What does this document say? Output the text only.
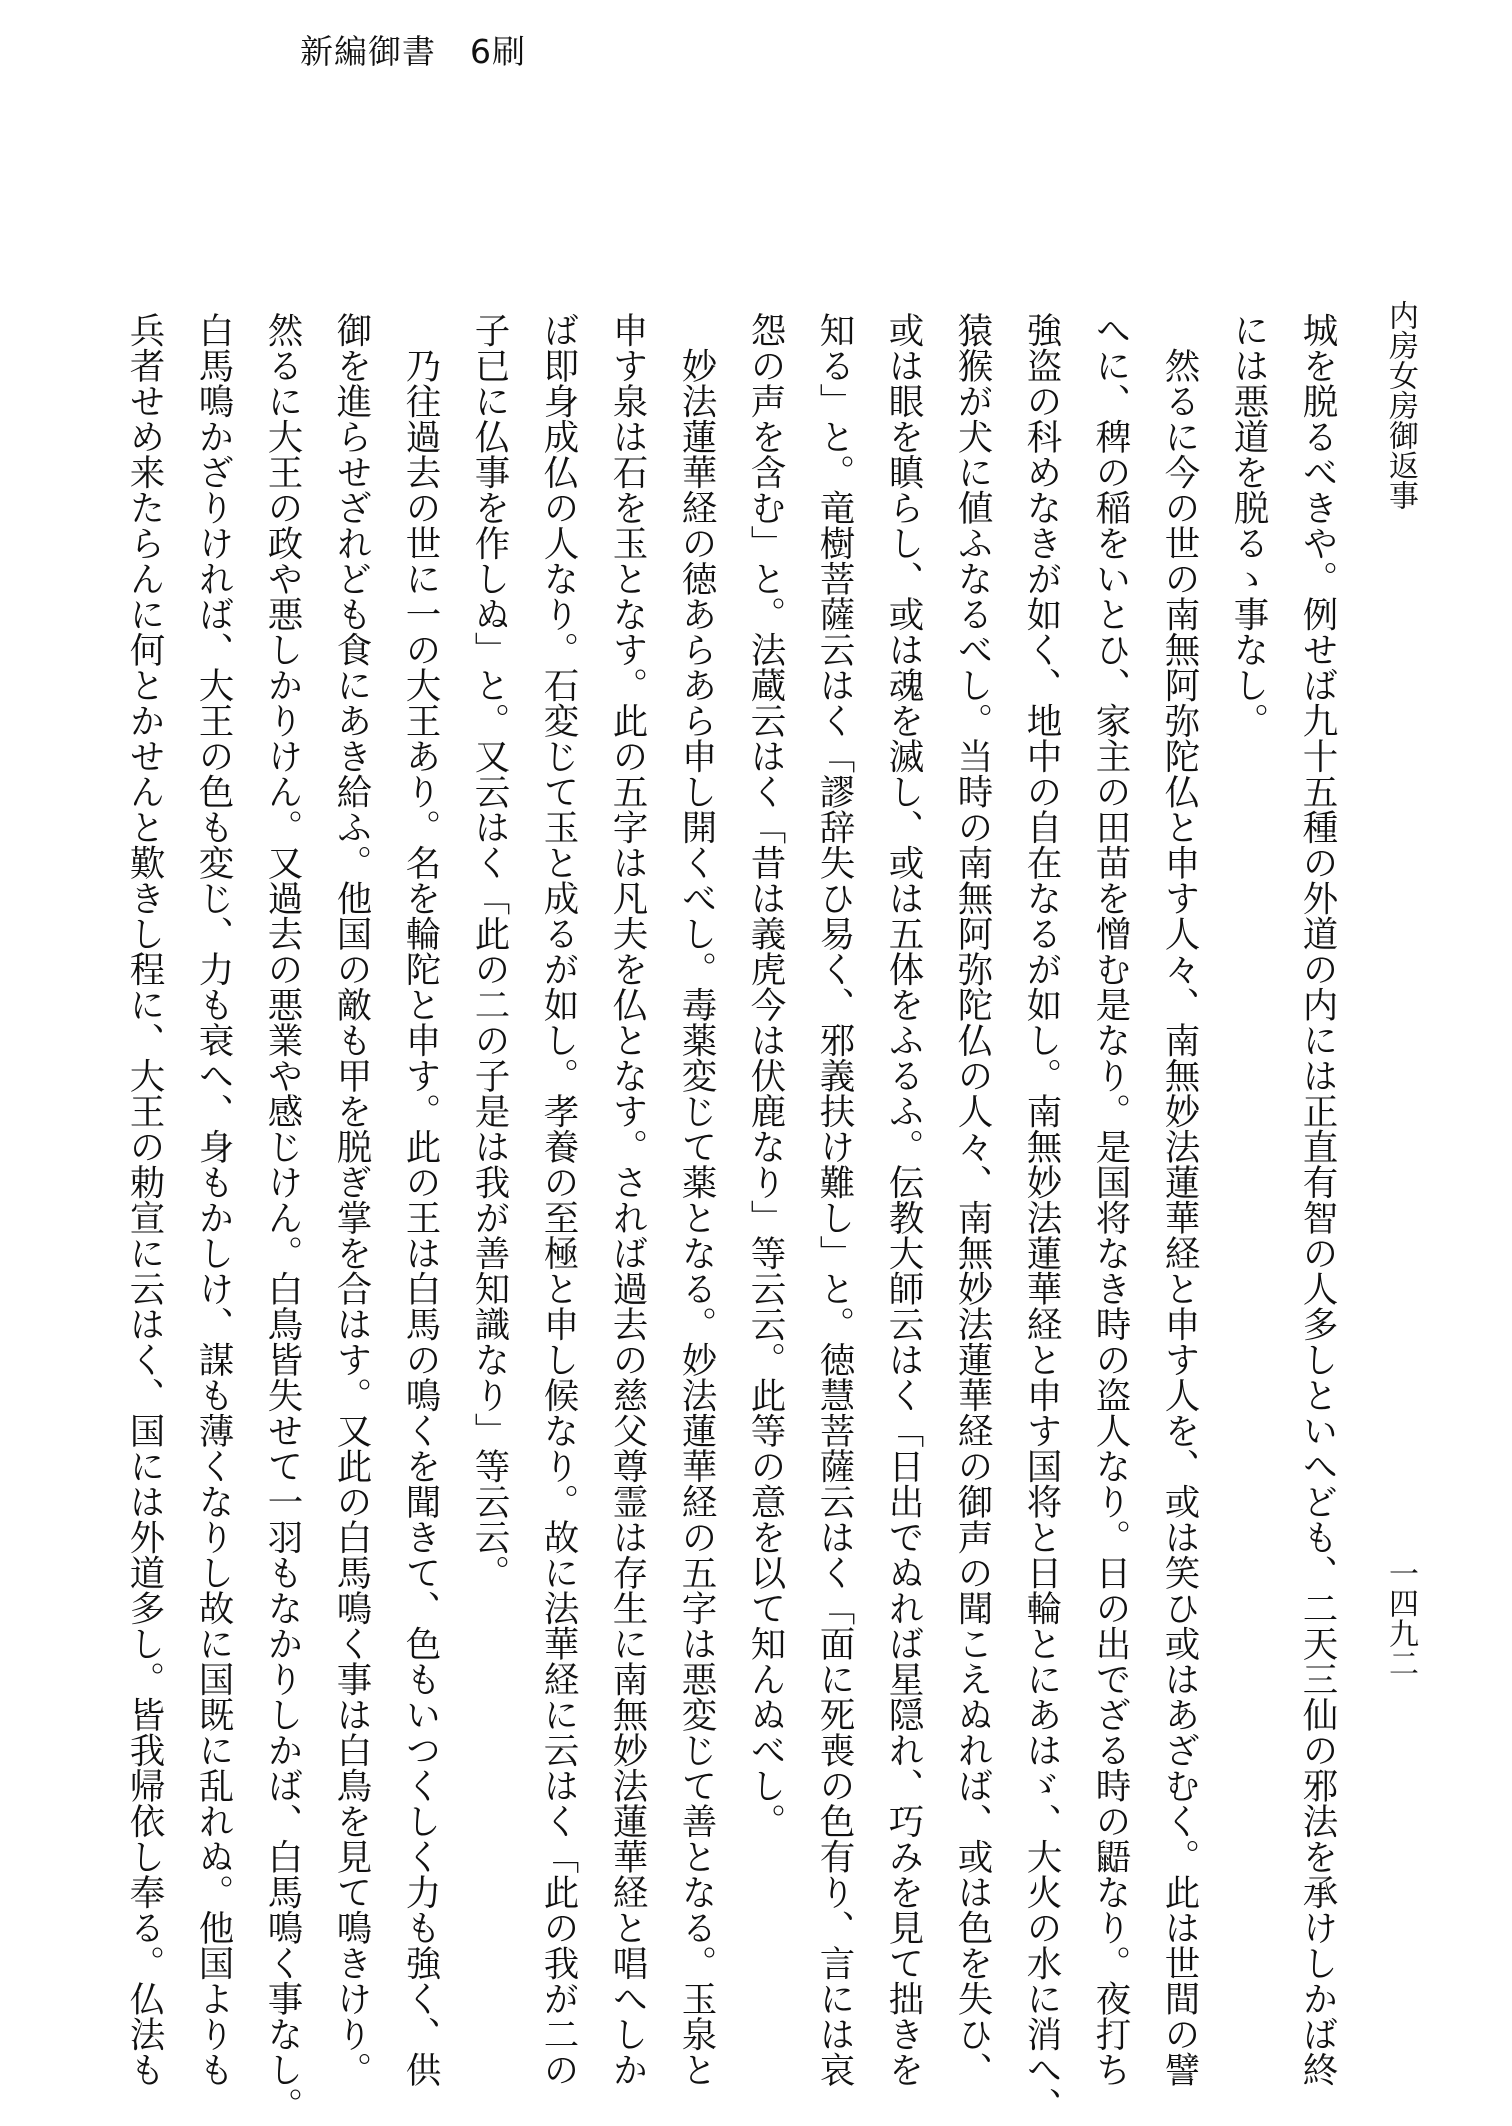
新編御書　6刷
内房女房御返事
一四九二
城を脱るべきや。例せば九十五種の外道の内には正直有智の人多しといへども、二天三仙の邪法を承けしかば終
には悪道を脱るゝ事なし。
　然るに今の世の南無阿弥陀仏と申す人々、南無妙法蓮華経と申す人を、或は笑ひ或はあざむく。此は世間の譬
へに、稗の稲をいとひ、家主の田苗を憎む是なり。是国将なき時の盗人なり。日の出でざる時の鼯なり。夜打ち
強盗の科めなきが如く、地中の自在なるが如し。南無妙法蓮華経と申す国将と日輪とにあはゞ、大火の水に消へ、
猿猴が犬に値ふなるべし。当時の南無阿弥陀仏の人々、南無妙法蓮華経の御声の聞こえぬれば、或は色を失ひ、
或は眼を瞋らし、或は魂を滅し、或は五体をふるふ。伝教大師云はく「日出でぬれば星隠れ、巧みを見て拙きを
知る」と。竜樹菩薩云はく「謬辞失ひ易く、邪義扶け難し」と。徳慧菩薩云はく「面に死喪の色有り、言には哀
怨の声を含む」と。法蔵云はく「昔は義虎今は伏鹿なり」等云云。此等の意を以て知んぬべし。
　妙法蓮華経の徳あらあら申し開くべし。毒薬変じて薬となる。妙法蓮華経の五字は悪変じて善となる。玉泉と
申す泉は石を玉となす。此の五字は凡夫を仏となす。されば過去の慈父尊霊は存生に南無妙法蓮華経と唱へしか
ば即身成仏の人なり。石変じて玉と成るが如し。孝養の至極と申し候なり。故に法華経に云はく「此の我が二の
子已に仏事を作しぬ」と。又云はく「此の二の子是は我が善知識なり」等云云。
　乃往過去の世に一の大王あり。名を輪陀と申す。此の王は白馬の鳴くを聞きて、色もいつくしく力も強く、供
御を進らせざれども食にあき給ふ。他国の敵も甲を脱ぎ掌を合はす。又此の白馬鳴く事は白鳥を見て鳴きけり。
然るに大王の政や悪しかりけん。又過去の悪業や感じけん。白鳥皆失せて一羽もなかりしかば、白馬鳴く事なし。
白馬鳴かざりければ、大王の色も変じ、力も衰へ、身もかしけ、謀も薄くなりし故に国既に乱れぬ。他国よりも
兵者せめ来たらんに何とかせんと歎きし程に、大王の勅宣に云はく、国には外道多し。皆我帰依し奉る。仏法も
